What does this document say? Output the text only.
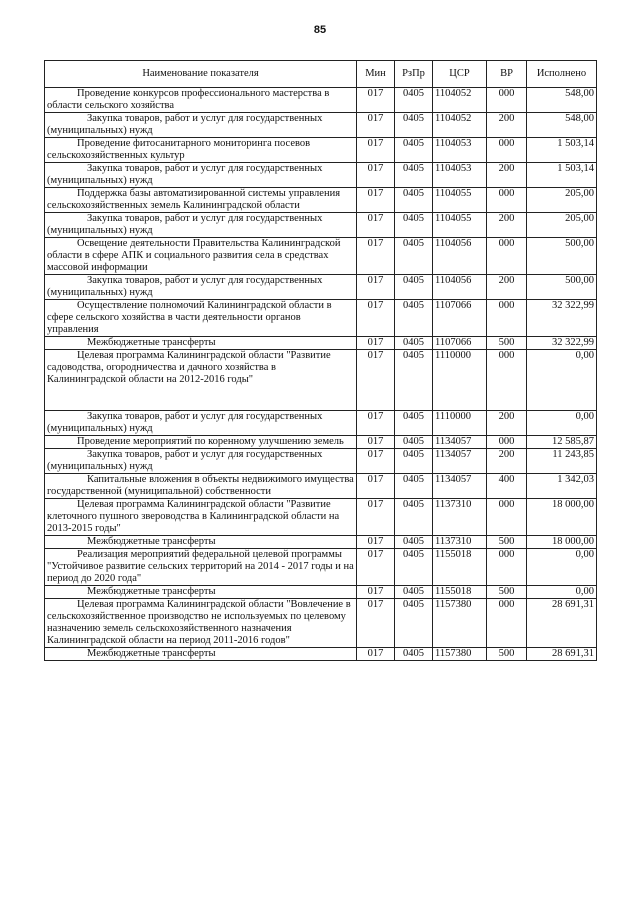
85
Наименование показателя	Мин	РзПр	ЦСР	ВР	Исполнено
Проведение конкурсов профессионального мастерства в области сельского хозяйства	017	0405	1104052	000	548,00
Закупка товаров, работ и услуг для государственных (муниципальных) нужд	017	0405	1104052	200	548,00
Проведение фитосанитарного мониторинга посевов сельскохозяйственных культур	017	0405	1104053	000	1 503,14
Закупка товаров, работ и услуг для государственных (муниципальных) нужд	017	0405	1104053	200	1 503,14
Поддержка базы автоматизированной системы управления сельскохозяйственных земель Калининградской области	017	0405	1104055	000	205,00
Закупка товаров, работ и услуг для государственных (муниципальных) нужд	017	0405	1104055	200	205,00
Освещение деятельности Правительства Калининградской области в сфере АПК и социального развития села в средствах массовой информации	017	0405	1104056	000	500,00
Закупка товаров, работ и услуг для государственных (муниципальных) нужд	017	0405	1104056	200	500,00
Осуществление полномочий Калининградской области в сфере сельского хозяйства в части деятельности органов управления	017	0405	1107066	000	32 322,99
Межбюджетные трансферты	017	0405	1107066	500	32 322,99
Целевая программа Калининградской области "Развитие садоводства, огородничества и дачного хозяйства в Калининградской области на 2012-2016 годы"	017	0405	1110000	000	0,00
Закупка товаров, работ и услуг для государственных (муниципальных) нужд	017	0405	1110000	200	0,00
Проведение мероприятий по коренному улучшению земель	017	0405	1134057	000	12 585,87
Закупка товаров, работ и услуг для государственных (муниципальных) нужд	017	0405	1134057	200	11 243,85
Капитальные вложения в объекты недвижимого имущества государственной (муниципальной) собственности	017	0405	1134057	400	1 342,03
Целевая программа Калининградской области "Развитие клеточного пушного звероводства в Калининградской области на 2013-2015 годы"	017	0405	1137310	000	18 000,00
Межбюджетные трансферты	017	0405	1137310	500	18 000,00
Реализация мероприятий федеральной целевой программы "Устойчивое развитие сельских территорий на 2014 - 2017 годы и на период до 2020 года"	017	0405	1155018	000	0,00
Межбюджетные трансферты	017	0405	1155018	500	0,00
Целевая программа Калининградской области "Вовлечение в сельскохозяйственное производство не используемых по целевому назначению земель сельскохозяйственного назначения Калининградской области на период 2011-2016 годов"	017	0405	1157380	000	28 691,31
Межбюджетные трансферты	017	0405	1157380	500	28 691,31
